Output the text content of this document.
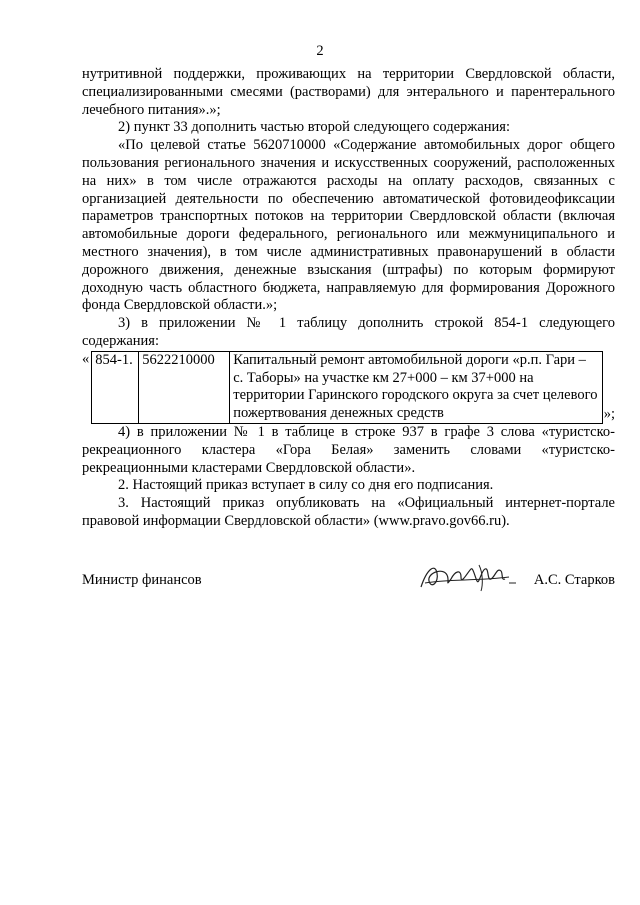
2

нутритивной поддержки, проживающих на территории Свердловской области, специализированными смесями (растворами) для энтерального и парентерального лечебного питания».»;

2) пункт 33 дополнить частью второй следующего содержания:

«По целевой статье 5620710000 «Содержание автомобильных дорог общего пользования регионального значения и искусственных сооружений, расположенных на них» в том числе отражаются расходы на оплату расходов, связанных с организацией деятельности по обеспечению автоматической фотовидеофиксации параметров транспортных потоков на территории Свердловской области (включая автомобильные дороги федерального, регионального или межмуниципального и местного значения), в том числе административных правонарушений в области дорожного движения, денежные взыскания (штрафы) по которым формируют доходную часть областного бюджета, направляемую для формирования Дорожного фонда Свердловской области.»;

3) в приложении № 1 таблицу дополнить строкой 854-1 следующего содержания:

« 854-1.	5622210000	Капитальный ремонт автомобильной дороги «р.п. Гари – с. Таборы» на участке км 27+000 – км 37+000 на территории Гаринского городского округа за счет целевого пожертвования денежных средств	»;

4) в приложении № 1 в таблице в строке 937 в графе 3 слова «туристско-рекреационного кластера «Гора Белая» заменить словами «туристско-рекреационными кластерами Свердловской области».

2. Настоящий приказ вступает в силу со дня его подписания.

3. Настоящий приказ опубликовать на «Официальный интернет-портале правовой информации Свердловской области» (www.pravo.gov66.ru).

Министр финансов	А.С. Старков
